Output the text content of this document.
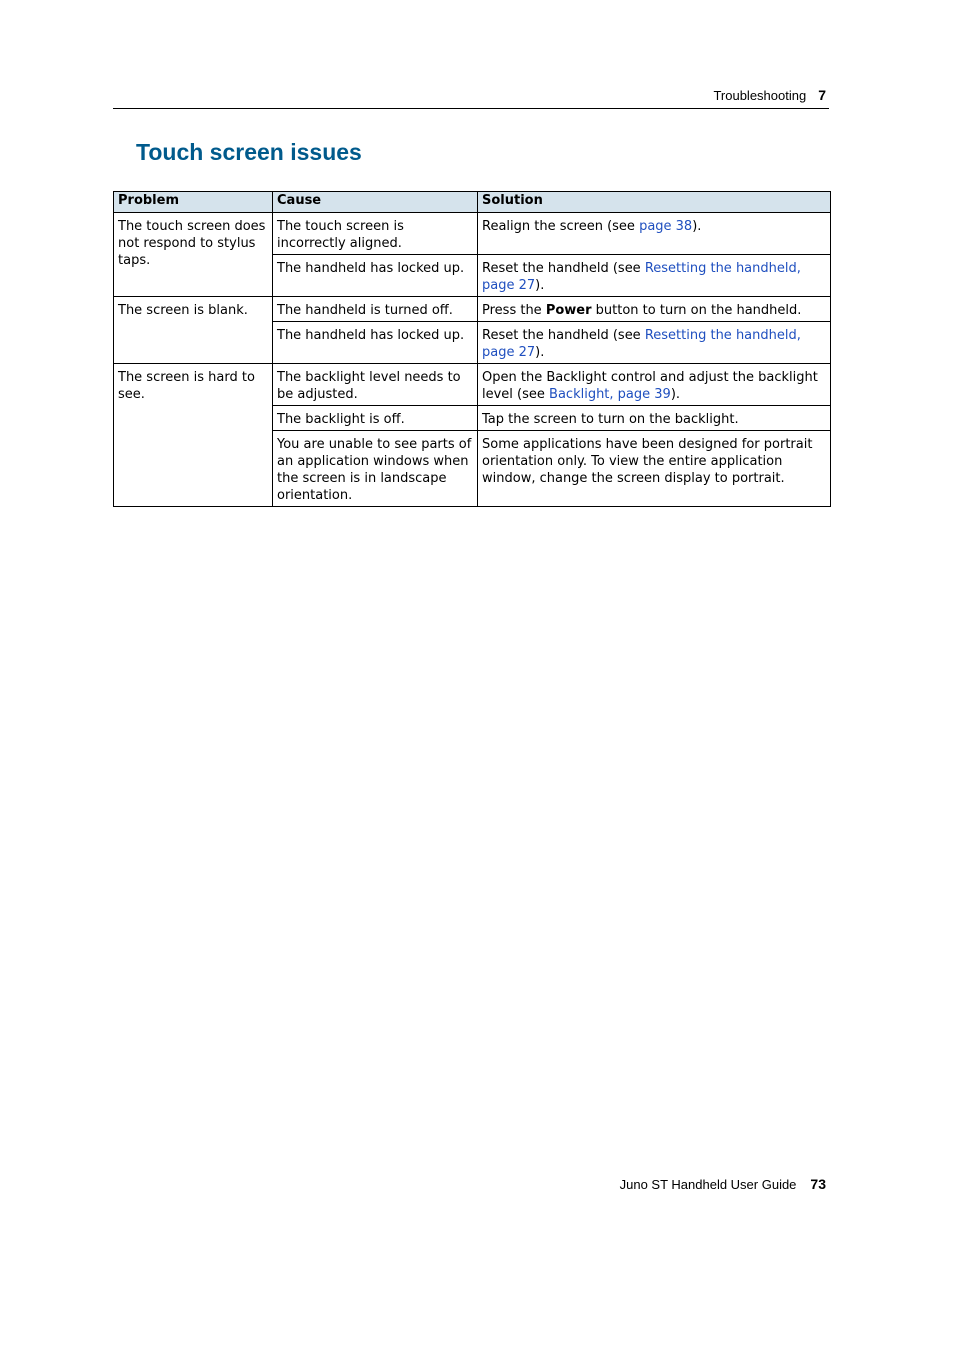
Troubleshooting 7
Touch screen issues
Problem	Cause	Solution
The touch screen does not respond to stylus taps.	The touch screen is incorrectly aligned.	Realign the screen (see page 38).
	The handheld has locked up.	Reset the handheld (see Resetting the handheld, page 27).
The screen is blank.	The handheld is turned off.	Press the Power button to turn on the handheld.
	The handheld has locked up.	Reset the handheld (see Resetting the handheld, page 27).
The screen is hard to see.	The backlight level needs to be adjusted.	Open the Backlight control and adjust the backlight level (see Backlight, page 39).
	The backlight is off.	Tap the screen to turn on the backlight.
	You are unable to see parts of an application windows when the screen is in landscape orientation.	Some applications have been designed for portrait orientation only. To view the entire application window, change the screen display to portrait.
Juno ST Handheld User Guide 73
